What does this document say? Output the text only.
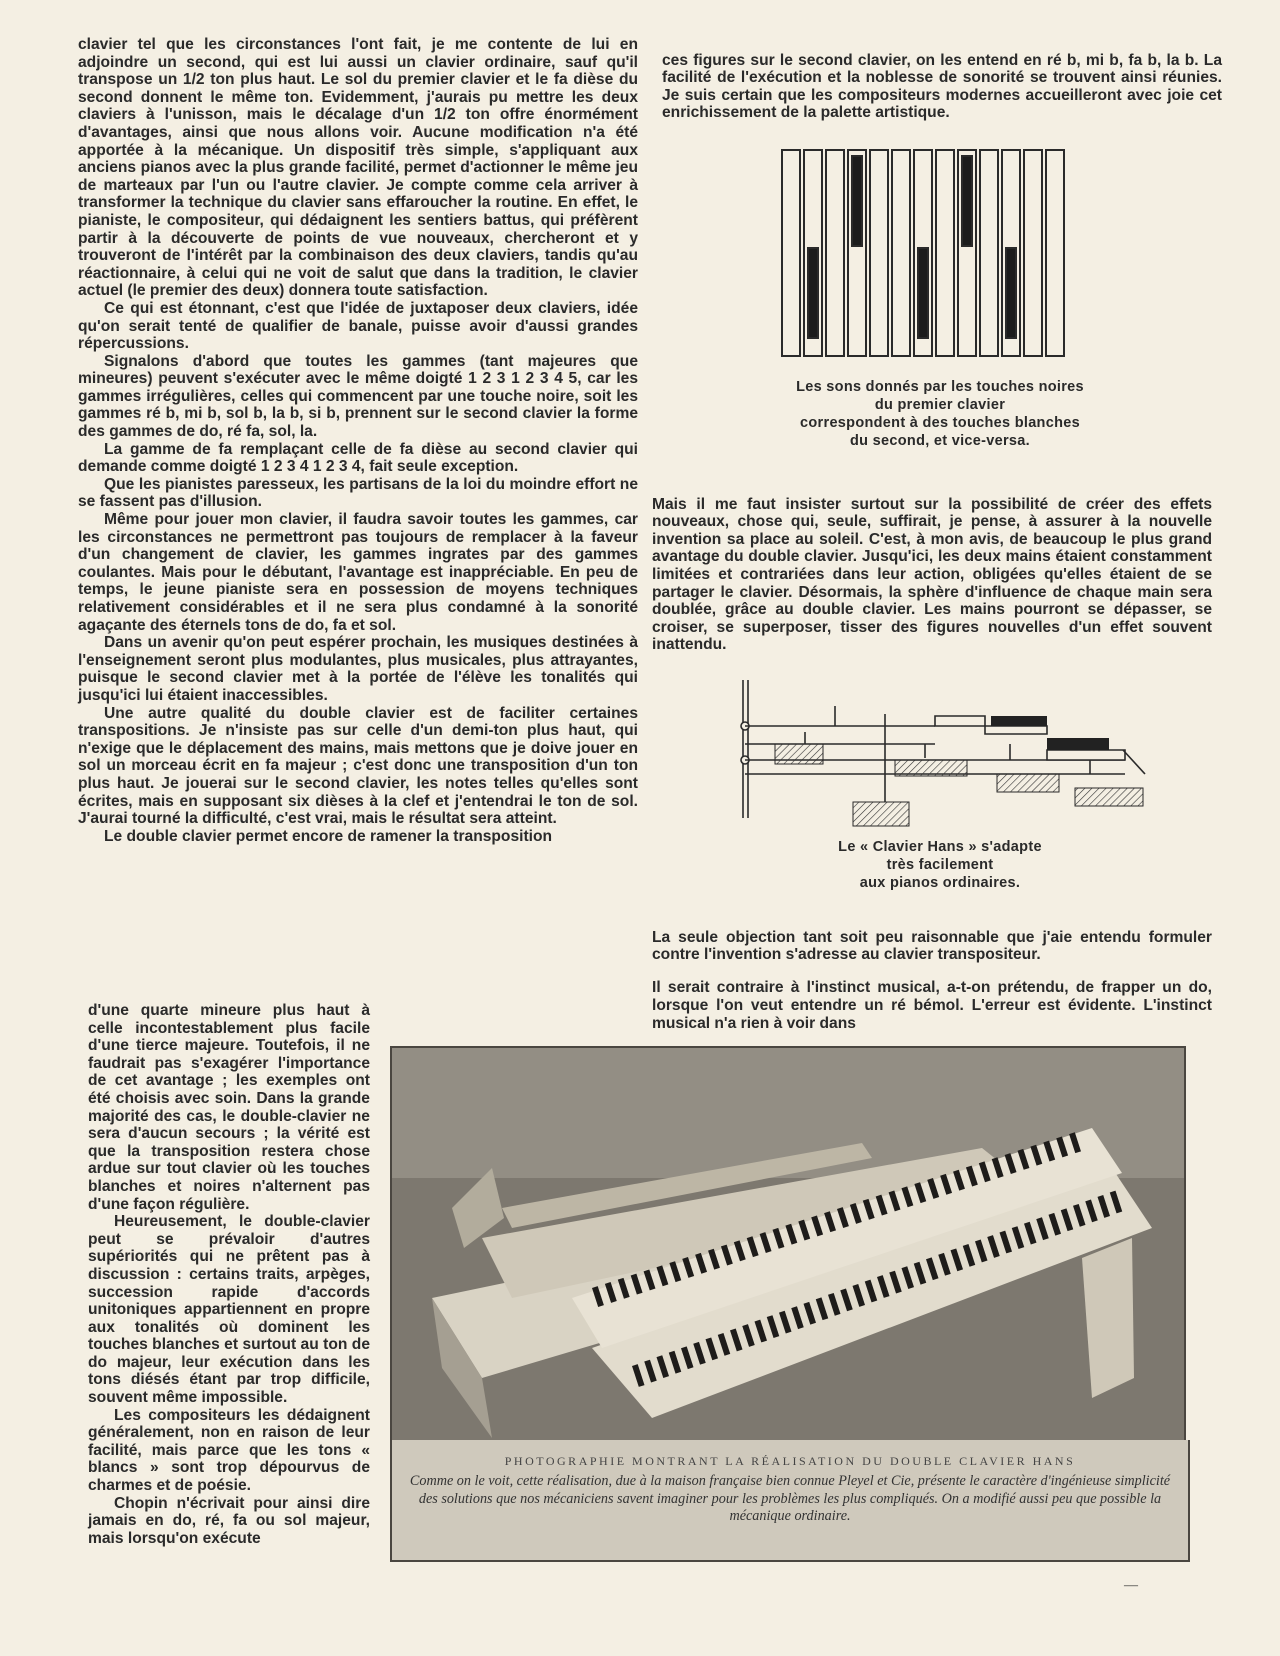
clavier tel que les circonstances l'ont fait, je me contente de lui en adjoindre un second, qui est lui aussi un clavier ordinaire, sauf qu'il transpose un 1/2 ton plus haut. Le sol du premier clavier et le fa dièse du second donnent le même ton. Evidemment, j'aurais pu mettre les deux claviers à l'unisson, mais le décalage d'un 1/2 ton offre énormément d'avantages, ainsi que nous allons voir. Aucune modification n'a été apportée à la mécanique. Un dispositif très simple, s'appliquant aux anciens pianos avec la plus grande facilité, permet d'actionner le même jeu de marteaux par l'un ou l'autre clavier. Je compte comme cela arriver à transformer la technique du clavier sans effaroucher la routine. En effet, le pianiste, le compositeur, qui dédaignent les sentiers battus, qui préfèrent partir à la découverte de points de vue nouveaux, chercheront et y trouveront de l'intérêt par la combinaison des deux claviers, tandis qu'au réactionnaire, à celui qui ne voit de salut que dans la tradition, le clavier actuel (le premier des deux) donnera toute satisfaction.

Ce qui est étonnant, c'est que l'idée de juxtaposer deux claviers, idée qu'on serait tenté de qualifier de banale, puisse avoir d'aussi grandes répercussions.

Signalons d'abord que toutes les gammes (tant majeures que mineures) peuvent s'exécuter avec le même doigté 1 2 3 1 2 3 4 5, car les gammes irrégulières, celles qui commencent par une touche noire, soit les gammes ré b, mi b, sol b, la b, si b, prennent sur le second clavier la forme des gammes de do, ré fa, sol, la.

La gamme de fa remplaçant celle de fa dièse au second clavier qui demande comme doigté 1 2 3 4 1 2 3 4, fait seule exception.

Que les pianistes paresseux, les partisans de la loi du moindre effort ne se fassent pas d'illusion.

Même pour jouer mon clavier, il faudra savoir toutes les gammes, car les circonstances ne permettront pas toujours de remplacer à la faveur d'un changement de clavier, les gammes ingrates par des gammes coulantes. Mais pour le débutant, l'avantage est inappréciable. En peu de temps, le jeune pianiste sera en possession de moyens techniques relativement considérables et il ne sera plus condamné à la sonorité agaçante des éternels tons de do, fa et sol.

Dans un avenir qu'on peut espérer prochain, les musiques destinées à l'enseignement seront plus modulantes, plus musicales, plus attrayantes, puisque le second clavier met à la portée de l'élève les tonalités qui jusqu'ici lui étaient inaccessibles.

Une autre qualité du double clavier est de faciliter certaines transpositions. Je n'insiste pas sur celle d'un demi-ton plus haut, qui n'exige que le déplacement des mains, mais mettons que je doive jouer en sol un morceau écrit en fa majeur ; c'est donc une transposition d'un ton plus haut. Je jouerai sur le second clavier, les notes telles qu'elles sont écrites, mais en supposant six dièses à la clef et j'entendrai le ton de sol. J'aurai tourné la difficulté, c'est vrai, mais le résultat sera atteint.

Le double clavier permet encore de ramener la transposition

d'une quarte mineure plus haut à celle incontestablement plus facile d'une tierce majeure. Toutefois, il ne faudrait pas s'exagérer l'importance de cet avantage ; les exemples ont été choisis avec soin. Dans la grande majorité des cas, le double-clavier ne sera d'aucun secours ; la vérité est que la transposition restera chose ardue sur tout clavier où les touches blanches et noires n'alternent pas d'une façon régulière.

Heureusement, le double-clavier peut se prévaloir d'autres supériorités qui ne prêtent pas à discussion : certains traits, arpèges, succession rapide d'accords unitoniques appartiennent en propre aux tonalités où dominent les touches blanches et surtout au ton de do majeur, leur exécution dans les tons diésés étant par trop difficile, souvent même impossible.

Les compositeurs les dédaignent généralement, non en raison de leur facilité, mais parce que les tons « blancs » sont trop dépourvus de charmes et de poésie.

Chopin n'écrivait pour ainsi dire jamais en do, ré, fa ou sol majeur, mais lorsqu'on exécute

ces figures sur le second clavier, on les entend en ré b, mi b, fa b, la b. La facilité de l'exécution et la noblesse de sonorité se trouvent ainsi réunies. Je suis certain que les compositeurs modernes accueilleront avec joie cet enrichissement de la palette artistique.

Les sons donnés par les touches noires
du premier clavier
correspondent à des touches blanches
du second, et vice-versa.

Mais il me faut insister surtout sur la possibilité de créer des effets nouveaux, chose qui, seule, suffirait, je pense, à assurer à la nouvelle invention sa place au soleil. C'est, à mon avis, de beaucoup le plus grand avantage du double clavier. Jusqu'ici, les deux mains étaient constamment limitées et contrariées dans leur action, obligées qu'elles étaient de se partager le clavier. Désormais, la sphère d'influence de chaque main sera doublée, grâce au double clavier. Les mains pourront se dépasser, se croiser, se superposer, tisser des figures nouvelles d'un effet souvent inattendu.

Le « Clavier Hans » s'adapte
très facilement
aux pianos ordinaires.

La seule objection tant soit peu raisonnable que j'aie entendu formuler contre l'invention s'adresse au clavier transpositeur.

Il serait contraire à l'instinct musical, a-t-on prétendu, de frapper un do, lorsque l'on veut entendre un ré bémol. L'erreur est évidente. L'instinct musical n'a rien à voir dans

PHOTOGRAPHIE MONTRANT LA RÉALISATION DU DOUBLE CLAVIER HANS
Comme on le voit, cette réalisation, due à la maison française bien connue Pleyel et Cie, présente le caractère d'ingénieuse simplicité des solutions que nos mécaniciens savent imaginer pour les problèmes les plus compliqués. On a modifié aussi peu que possible la mécanique ordinaire.
—
